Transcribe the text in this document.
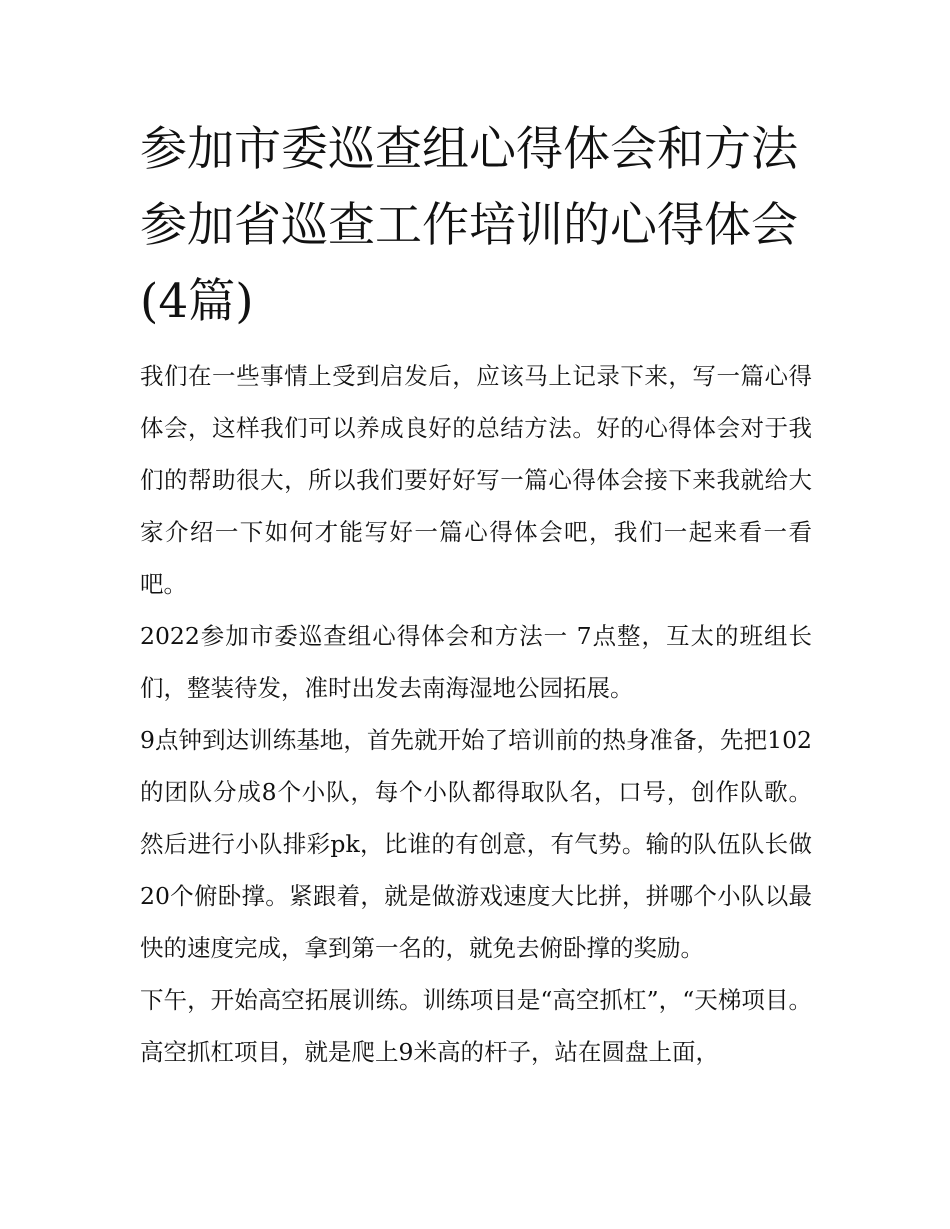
参加市委巡查组心得体会和方法 参加省巡查工作培训的心得体会(4篇)

我们在一些事情上受到启发后，应该马上记录下来，写一篇心得体会，这样我们可以养成良好的总结方法。好的心得体会对于我们的帮助很大，所以我们要好好写一篇心得体会接下来我就给大家介绍一下如何才能写好一篇心得体会吧，我们一起来看一看吧。

2022参加市委巡查组心得体会和方法一 7点整，互太的班组长们，整装待发，准时出发去南海湿地公园拓展。

9点钟到达训练基地，首先就开始了培训前的热身准备，先把102的团队分成8个小队，每个小队都得取队名，口号，创作队歌。然后进行小队排彩pk，比谁的有创意，有气势。输的队伍队长做20个俯卧撑。紧跟着，就是做游戏速度大比拼，拼哪个小队以最快的速度完成，拿到第一名的，就免去俯卧撑的奖励。

下午，开始高空拓展训练。训练项目是“高空抓杠”，“天梯项目。高空抓杠项目，就是爬上9米高的杆子，站在圆盘上面，
